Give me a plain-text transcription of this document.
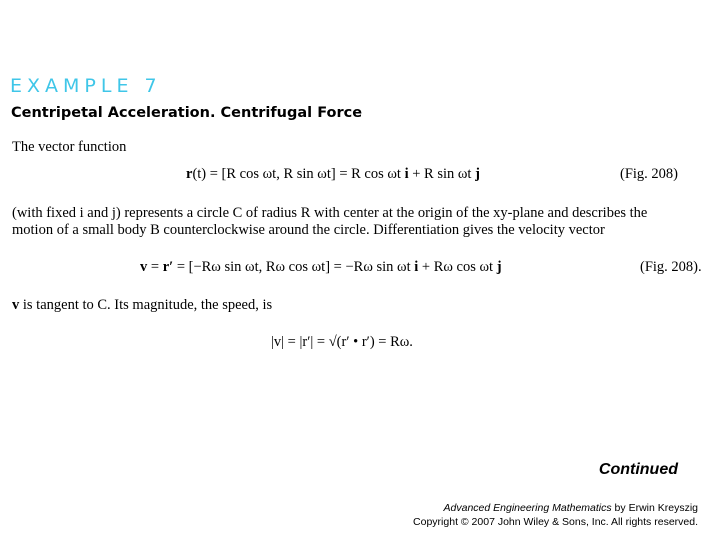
EXAMPLE 7
Centripetal Acceleration. Centrifugal Force
The vector function
r(t) = [R cos ωt, R sin ωt] = R cos ωt i + R sin ωt j	(Fig. 208)
(with fixed i and j) represents a circle C of radius R with center at the origin of the xy-plane and describes the
motion of a small body B counterclockwise around the circle. Differentiation gives the velocity vector
v = r′ = [−Rω sin ωt, Rω cos ωt] = −Rω sin ωt i + Rω cos ωt j	(Fig. 208).
v is tangent to C. Its magnitude, the speed, is
|v| = |r′| = √(r′ • r′) = Rω.
Continued
Advanced Engineering Mathematics by Erwin Kreyszig
Copyright © 2007 John Wiley & Sons, Inc. All rights reserved.
